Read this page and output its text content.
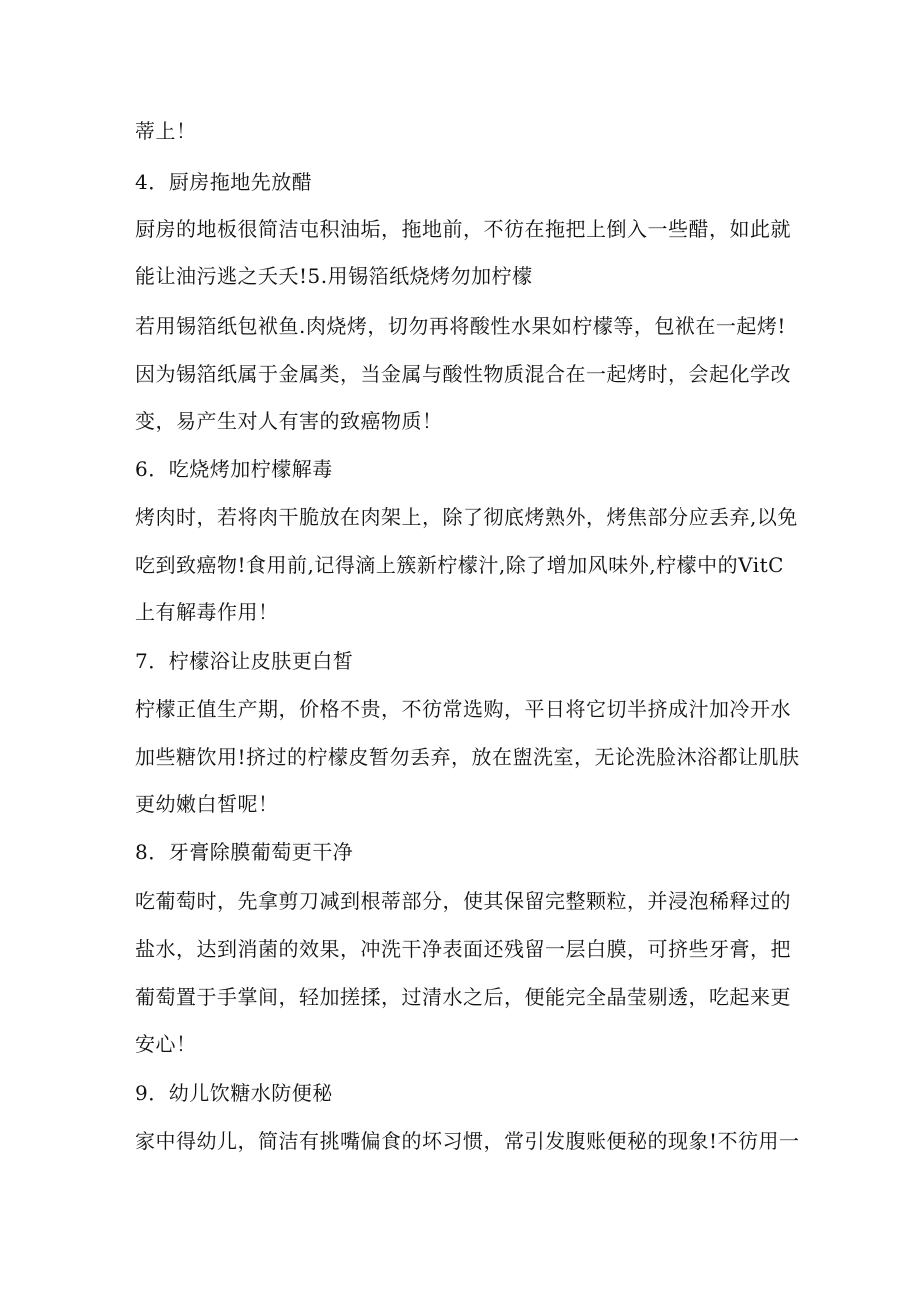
蒂上！
4．厨房拖地先放醋
厨房的地板很简洁屯积油垢，拖地前，不彷在拖把上倒入一些醋，如此就
能让油污逃之夭夭!5.用锡箔纸烧烤勿加柠檬
若用锡箔纸包袱鱼.肉烧烤，切勿再将酸性水果如柠檬等，包袱在一起烤!
因为锡箔纸属于金属类，当金属与酸性物质混合在一起烤时，会起化学改
变，易产生对人有害的致癌物质！
6．吃烧烤加柠檬解毒
烤肉时，若将肉干脆放在肉架上，除了彻底烤熟外，烤焦部分应丢弃,以免
吃到致癌物!食用前,记得滴上簇新柠檬汁,除了增加风味外,柠檬中的VitC
上有解毒作用！
7．柠檬浴让皮肤更白皙
柠檬正值生产期，价格不贵，不彷常选购，平日将它切半挤成汁加冷开水
加些糖饮用!挤过的柠檬皮暂勿丢弃，放在盥洗室，无论洗脸沐浴都让肌肤
更幼嫩白皙呢！
8．牙膏除膜葡萄更干净
吃葡萄时，先拿剪刀减到根蒂部分，使其保留完整颗粒，并浸泡稀释过的
盐水，达到消菌的效果，冲洗干净表面还残留一层白膜，可挤些牙膏，把
葡萄置于手掌间，轻加搓揉，过清水之后，便能完全晶莹剔透，吃起来更
安心！
9．幼儿饮糖水防便秘
家中得幼儿，简洁有挑嘴偏食的坏习惯，常引发腹账便秘的现象!不彷用一
